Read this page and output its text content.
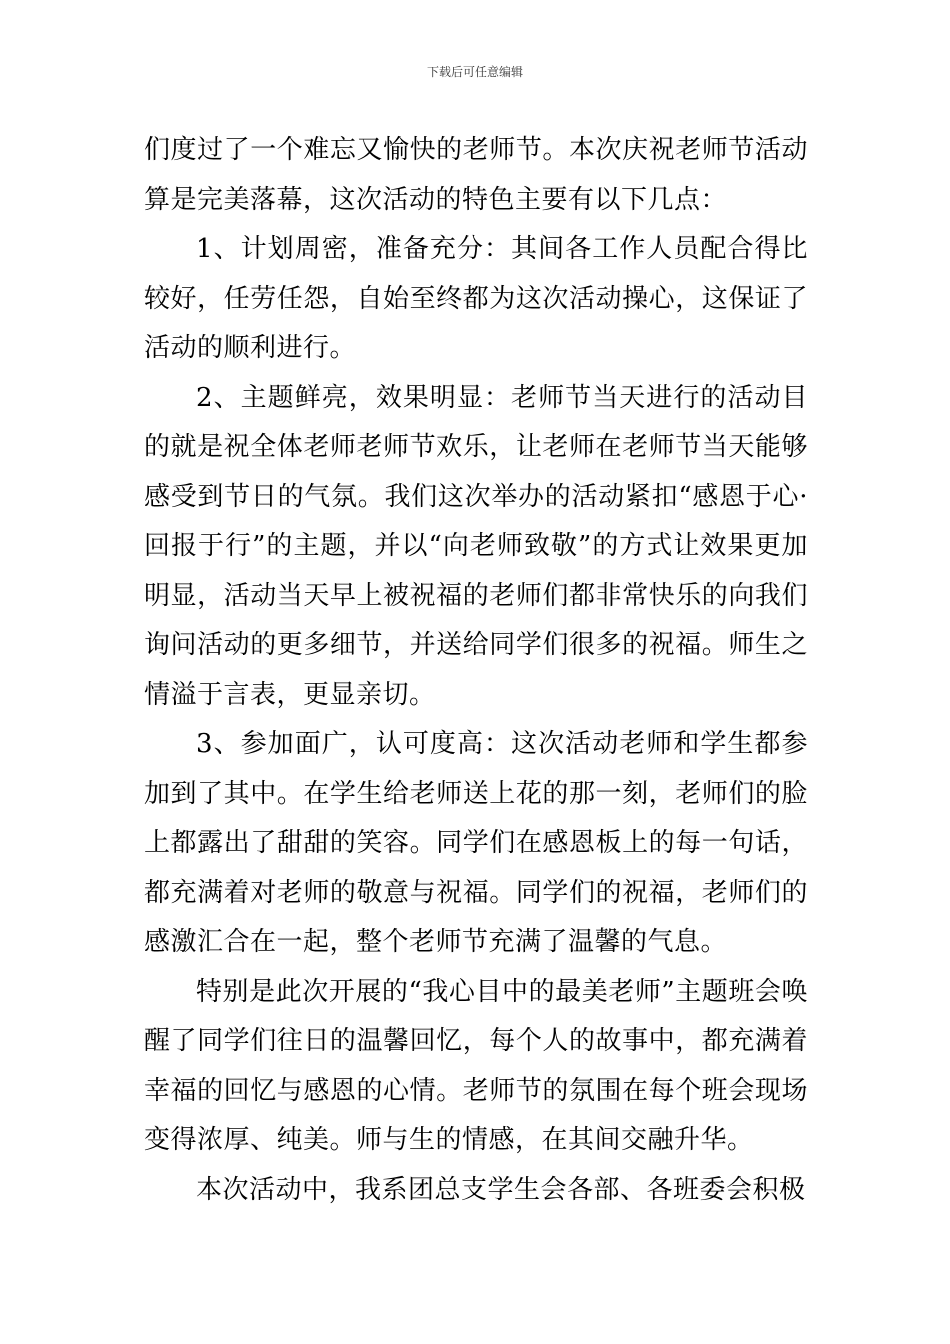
下载后可任意编辑

们度过了一个难忘又愉快的老师节。本次庆祝老师节活动算是完美落幕，这次活动的特色主要有以下几点：

1、计划周密，准备充分：其间各工作人员配合得比较好，任劳任怨，自始至终都为这次活动操心，这保证了活动的顺利进行。

2、主题鲜亮，效果明显：老师节当天进行的活动目的就是祝全体老师老师节欢乐，让老师在老师节当天能够感受到节日的气氛。我们这次举办的活动紧扣“感恩于心·回报于行”的主题，并以“向老师致敬”的方式让效果更加明显，活动当天早上被祝福的老师们都非常快乐的向我们询问活动的更多细节，并送给同学们很多的祝福。师生之情溢于言表，更显亲切。

3、参加面广，认可度高：这次活动老师和学生都参加到了其中。在学生给老师送上花的那一刻，老师们的脸上都露出了甜甜的笑容。同学们在感恩板上的每一句话，都充满着对老师的敬意与祝福。同学们的祝福，老师们的感激汇合在一起，整个老师节充满了温馨的气息。

特别是此次开展的“我心目中的最美老师”主题班会唤醒了同学们往日的温馨回忆，每个人的故事中，都充满着幸福的回忆与感恩的心情。老师节的氛围在每个班会现场变得浓厚、纯美。师与生的情感，在其间交融升华。

本次活动中，我系团总支学生会各部、各班委会积极
